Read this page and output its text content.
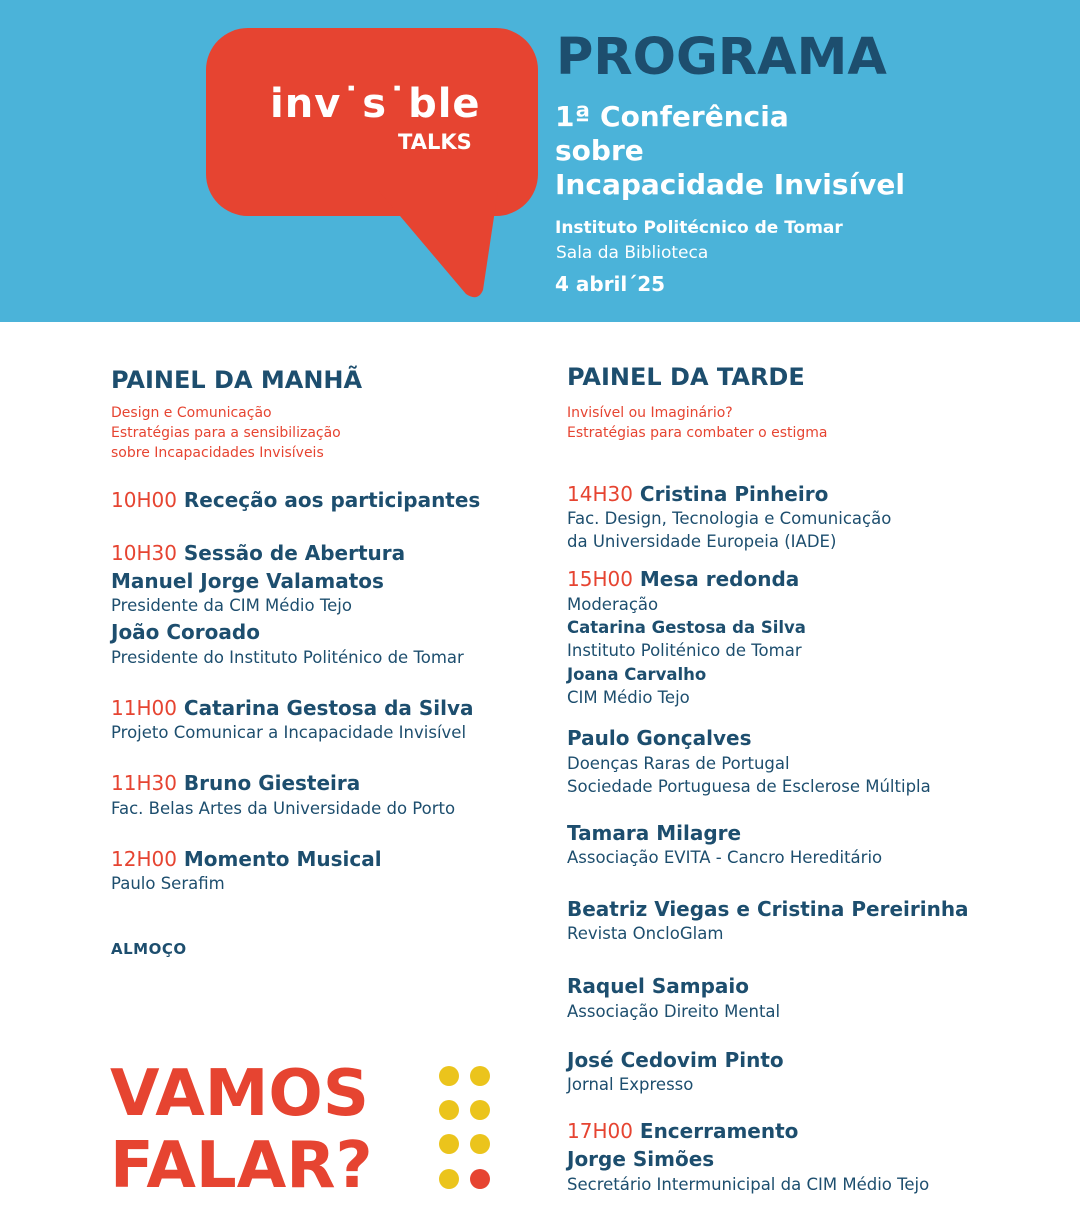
inv˙s˙ble
TALKS
PROGRAMA
1ª Conferência
sobre
Incapacidade Invisível
Instituto Politécnico de Tomar
Sala da Biblioteca
4 abril´25
PAINEL DA MANHÃ
Design e Comunicação
Estratégias para a sensibilização
sobre Incapacidades Invisíveis
10H00 Receção aos participantes
10H30 Sessão de Abertura
Manuel Jorge Valamatos
Presidente da CIM Médio Tejo
João Coroado
Presidente do Instituto Politénico de Tomar
11H00 Catarina Gestosa da Silva
Projeto Comunicar a Incapacidade Invisível
11H30 Bruno Giesteira
Fac. Belas Artes da Universidade do Porto
12H00 Momento Musical
Paulo Serafim
ALMOÇO
PAINEL DA TARDE
Invisível ou Imaginário?
Estratégias para combater o estigma
14H30 Cristina Pinheiro
Fac. Design, Tecnologia e Comunicação
da Universidade Europeia (IADE)
15H00 Mesa redonda
Moderação
Catarina Gestosa da Silva
Instituto Politénico de Tomar
Joana Carvalho
CIM Médio Tejo
Paulo Gonçalves
Doenças Raras de Portugal
Sociedade Portuguesa de Esclerose Múltipla
Tamara Milagre
Associação EVITA - Cancro Hereditário
Beatriz Viegas e Cristina Pereirinha
Revista OncloGlam
Raquel Sampaio
Associação Direito Mental
José Cedovim Pinto
Jornal Expresso
17H00 Encerramento
Jorge Simões
Secretário Intermunicipal da CIM Médio Tejo
VAMOS
FALAR?
